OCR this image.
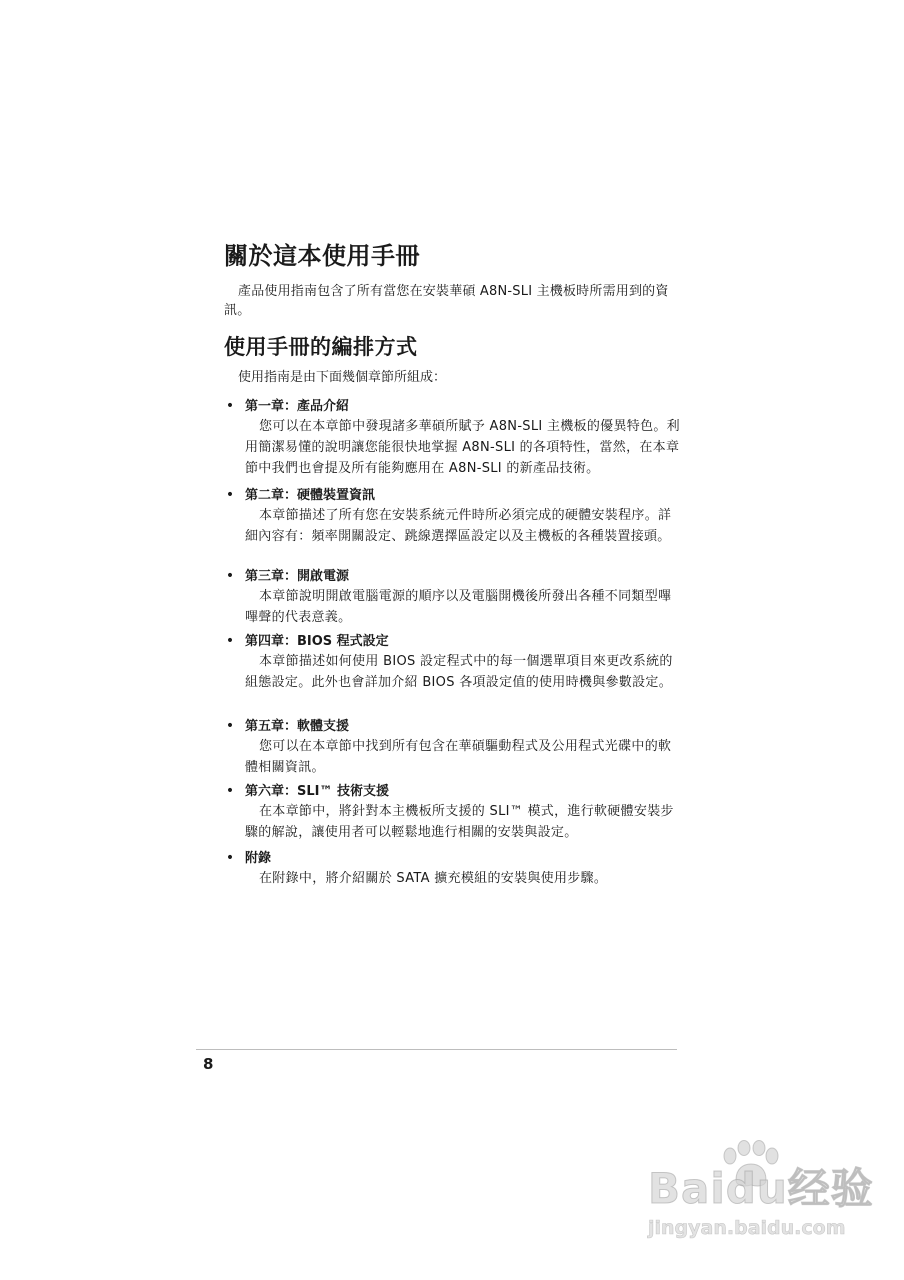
關於這本使用手冊
產品使用指南包含了所有當您在安裝華碩 A8N-SLI 主機板時所需用到的資訊。
使用手冊的編排方式
使用指南是由下面幾個章節所組成：
• 第一章：產品介紹
您可以在本章節中發現諸多華碩所賦予 A8N-SLI 主機板的優異特色。利用簡潔易懂的說明讓您能很快地掌握 A8N-SLI 的各項特性，當然，在本章節中我們也會提及所有能夠應用在 A8N-SLI 的新產品技術。
• 第二章：硬體裝置資訊
本章節描述了所有您在安裝系統元件時所必須完成的硬體安裝程序。詳細內容有：頻率開關設定、跳線選擇區設定以及主機板的各種裝置接頭。
• 第三章：開啟電源
本章節說明開啟電腦電源的順序以及電腦開機後所發出各種不同類型嗶嗶聲的代表意義。
• 第四章：BIOS 程式設定
本章節描述如何使用 BIOS 設定程式中的每一個選單項目來更改系統的組態設定。此外也會詳加介紹 BIOS 各項設定值的使用時機與參數設定。
• 第五章：軟體支援
您可以在本章節中找到所有包含在華碩驅動程式及公用程式光碟中的軟體相關資訊。
• 第六章：SLI™ 技術支援
在本章節中，將針對本主機板所支援的 SLI™ 模式，進行軟硬體安裝步驟的解說，讓使用者可以輕鬆地進行相關的安裝與設定。
• 附錄
在附錄中，將介紹關於 SATA 擴充模組的安裝與使用步驟。
8
Baidu经验
jingyan.baidu.com
